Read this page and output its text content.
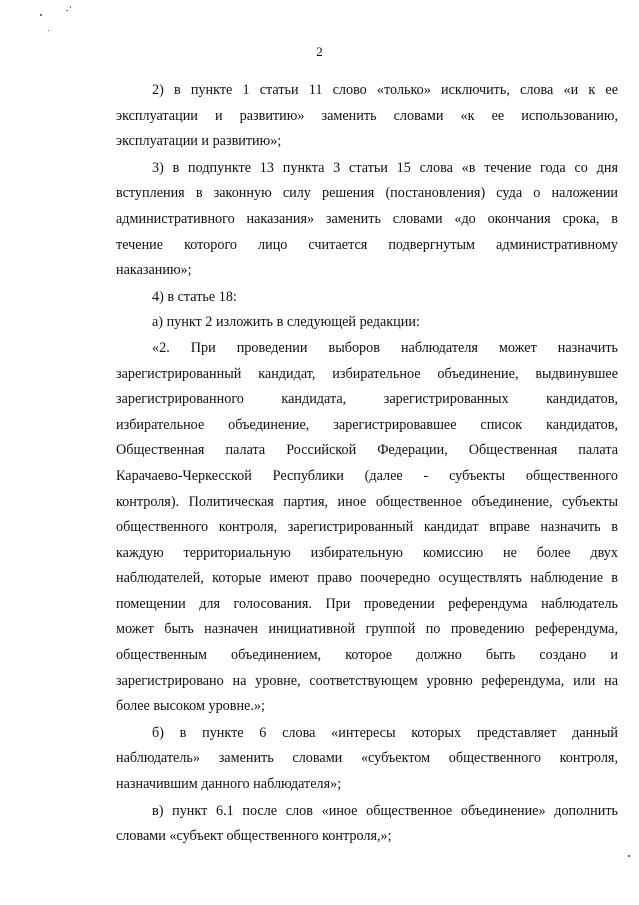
2
2) в пункте 1 статьи 11 слово «только» исключить, слова «и к ее
эксплуатации и развитию» заменить словами «к ее использованию,
эксплуатации и развитию»;
3) в подпункте 13 пункта 3 статьи 15 слова «в течение года со дня
вступления в законную силу решения (постановления) суда о наложении
административного наказания» заменить словами «до окончания срока, в
течение которого лицо считается подвергнутым административному
наказанию»;
4) в статье 18:
а) пункт 2 изложить в следующей редакции:
«2. При проведении выборов наблюдателя может назначить
зарегистрированный кандидат, избирательное объединение, выдвинувшее
зарегистрированного кандидата, зарегистрированных кандидатов,
избирательное объединение, зарегистрировавшее список кандидатов,
Общественная палата Российской Федерации, Общественная палата
Карачаево-Черкесской Республики (далее - субъекты общественного
контроля). Политическая партия, иное общественное объединение, субъекты
общественного контроля, зарегистрированный кандидат вправе назначить в
каждую территориальную избирательную комиссию не более двух
наблюдателей, которые имеют право поочередно осуществлять наблюдение в
помещении для голосования. При проведении референдума наблюдатель
может быть назначен инициативной группой по проведению референдума,
общественным объединением, которое должно быть создано и
зарегистрировано на уровне, соответствующем уровню референдума, или на
более высоком уровне.»;
б) в пункте 6 слова «интересы которых представляет данный
наблюдатель» заменить словами «субъектом общественного контроля,
назначившим данного наблюдателя»;
в) пункт 6.1 после слов «иное общественное объединение» дополнить
словами «субъект общественного контроля,»;
